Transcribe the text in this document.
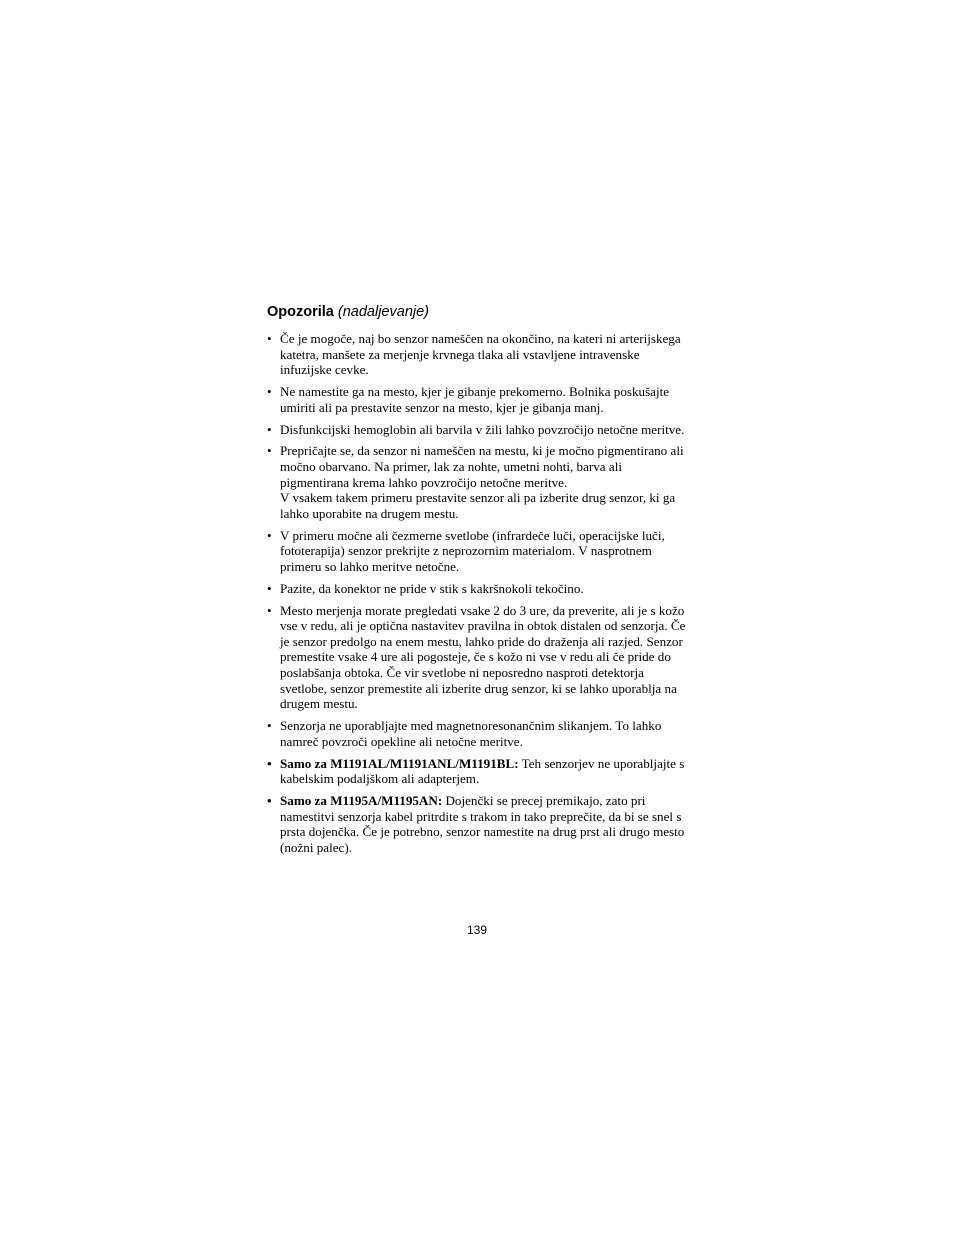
Opozorila (nadaljevanje)
• Če je mogoče, naj bo senzor nameščen na okončino, na kateri ni arterijskega katetra, manšete za merjenje krvnega tlaka ali vstavljene intravenske infuzijske cevke.
• Ne namestite ga na mesto, kjer je gibanje prekomerno. Bolnika poskušajte umiriti ali pa prestavite senzor na mesto, kjer je gibanja manj.
• Disfunkcijski hemoglobin ali barvila v žili lahko povzročijo netočne meritve.
• Prepričajte se, da senzor ni nameščen na mestu, ki je močno pigmentirano ali močno obarvano. Na primer, lak za nohte, umetni nohti, barva ali pigmentirana krema lahko povzročijo netočne meritve.
V vsakem takem primeru prestavite senzor ali pa izberite drug senzor, ki ga lahko uporabite na drugem mestu.
• V primeru močne ali čezmerne svetlobe (infrardeče luči, operacijske luči, fototerapija) senzor prekrijte z neprozornim materialom. V nasprotnem primeru so lahko meritve netočne.
• Pazite, da konektor ne pride v stik s kakršnokoli tekočino.
• Mesto merjenja morate pregledati vsake 2 do 3 ure, da preverite, ali je s kožo vse v redu, ali je optična nastavitev pravilna in obtok distalen od senzorja. Če je senzor predolgo na enem mestu, lahko pride do draženja ali razjed. Senzor premestite vsake 4 ure ali pogosteje, če s kožo ni vse v redu ali če pride do poslabšanja obtoka. Če vir svetlobe ni neposredno nasproti detektorja svetlobe, senzor premestite ali izberite drug senzor, ki se lahko uporablja na drugem mestu.
• Senzorja ne uporabljajte med magnetnoresonančnim slikanjem. To lahko namreč povzroči opekline ali netočne meritve.
• Samo za M1191AL/M1191ANL/M1191BL: Teh senzorjev ne uporabljajte s kabelskim podaljškom ali adapterjem.
• Samo za M1195A/M1195AN: Dojenčki se precej premikajo, zato pri namestitvi senzorja kabel pritrdite s trakom in tako preprečite, da bi se snel s prsta dojenčka. Če je potrebno, senzor namestite na drug prst ali drugo mesto (nožni palec).
139
